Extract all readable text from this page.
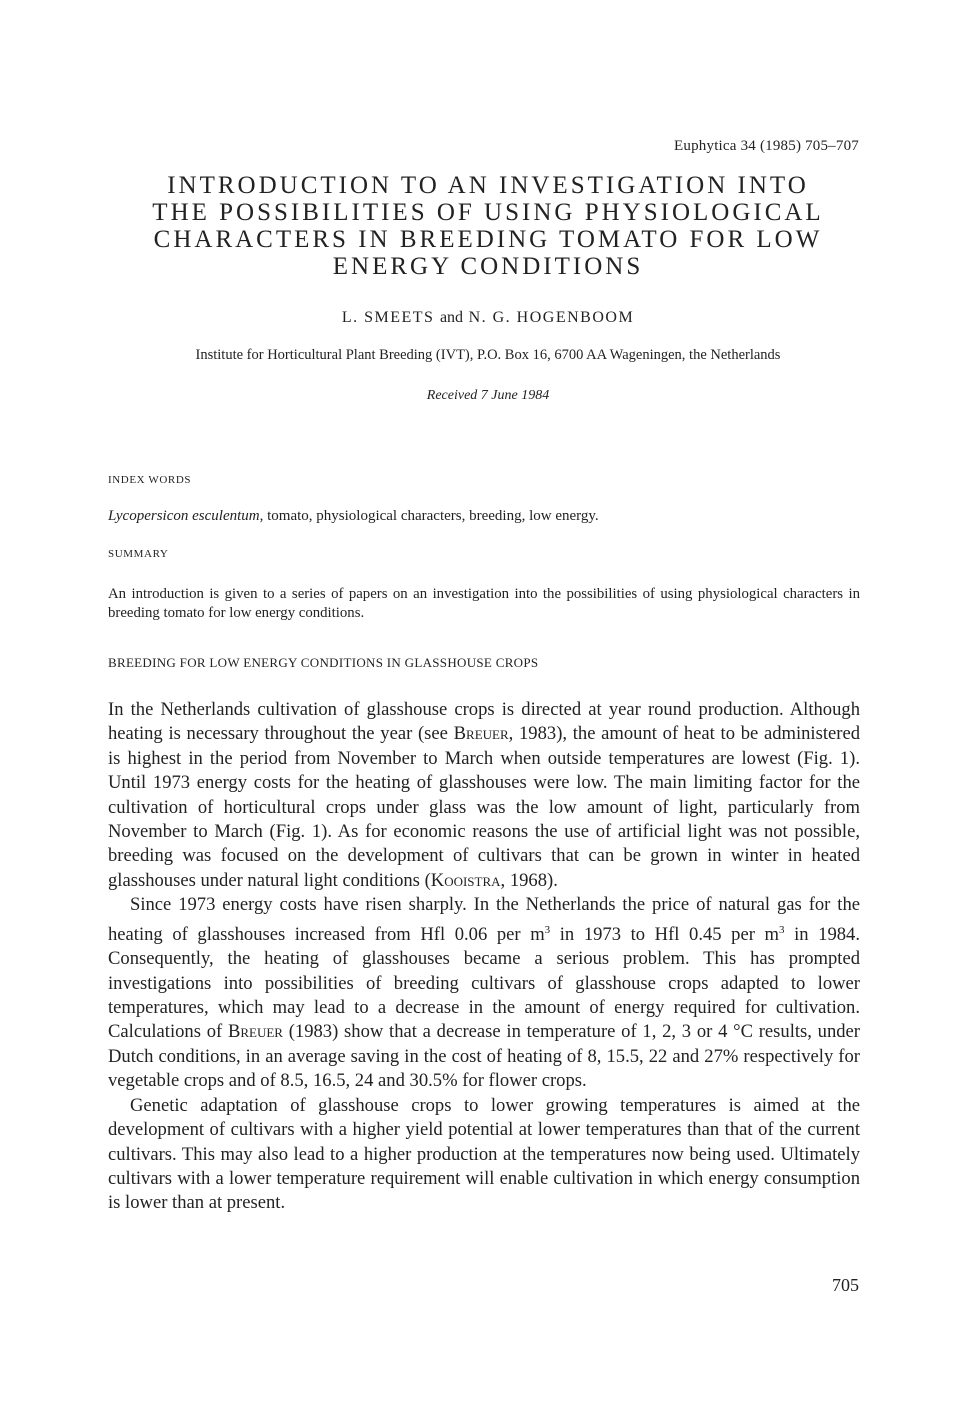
Euphytica 34 (1985) 705–707
INTRODUCTION TO AN INVESTIGATION INTO
THE POSSIBILITIES OF USING PHYSIOLOGICAL
CHARACTERS IN BREEDING TOMATO FOR LOW
ENERGY CONDITIONS
L. SMEETS and N. G. HOGENBOOM
Institute for Horticultural Plant Breeding (IVT), P.O. Box 16, 6700 AA Wageningen, the Netherlands
Received 7 June 1984
INDEX WORDS
Lycopersicon esculentum, tomato, physiological characters, breeding, low energy.
SUMMARY
An introduction is given to a series of papers on an investigation into the possibilities of using physiological characters in breeding tomato for low energy conditions.
BREEDING FOR LOW ENERGY CONDITIONS IN GLASSHOUSE CROPS

In the Netherlands cultivation of glasshouse crops is directed at year round production. Although heating is necessary throughout the year (see Breuer, 1983), the amount of heat to be administered is highest in the period from November to March when outside temperatures are lowest (Fig. 1). Until 1973 energy costs for the heating of glasshouses were low. The main limiting factor for the cultivation of horticultural crops under glass was the low amount of light, particularly from November to March (Fig. 1). As for economic reasons the use of artificial light was not possible, breeding was focused on the development of cultivars that can be grown in winter in heated glasshouses under natural light conditions (Kooistra, 1968).

Since 1973 energy costs have risen sharply. In the Netherlands the price of natural gas for the heating of glasshouses increased from Hfl 0.06 per $m^3$ in 1973 to Hfl 0.45 per $m^3$ in 1984. Consequently, the heating of glasshouses became a serious problem. This has prompted investigations into possibilities of breeding cultivars of glasshouse crops adapted to lower temperatures, which may lead to a decrease in the amount of energy required for cultivation. Calculations of Breuer (1983) show that a decrease in temperature of 1, 2, 3 or 4 °C results, under Dutch conditions, in an average saving in the cost of heating of 8, 15.5, 22 and 27% respectively for vegetable crops and of 8.5, 16.5, 24 and 30.5% for flower crops.

Genetic adaptation of glasshouse crops to lower growing temperatures is aimed at the development of cultivars with a higher yield potential at lower temperatures than that of the current cultivars. This may also lead to a higher production at the temperatures now being used. Ultimately cultivars with a lower temperature requirement will enable cultivation in which energy consumption is lower than at present.

705
